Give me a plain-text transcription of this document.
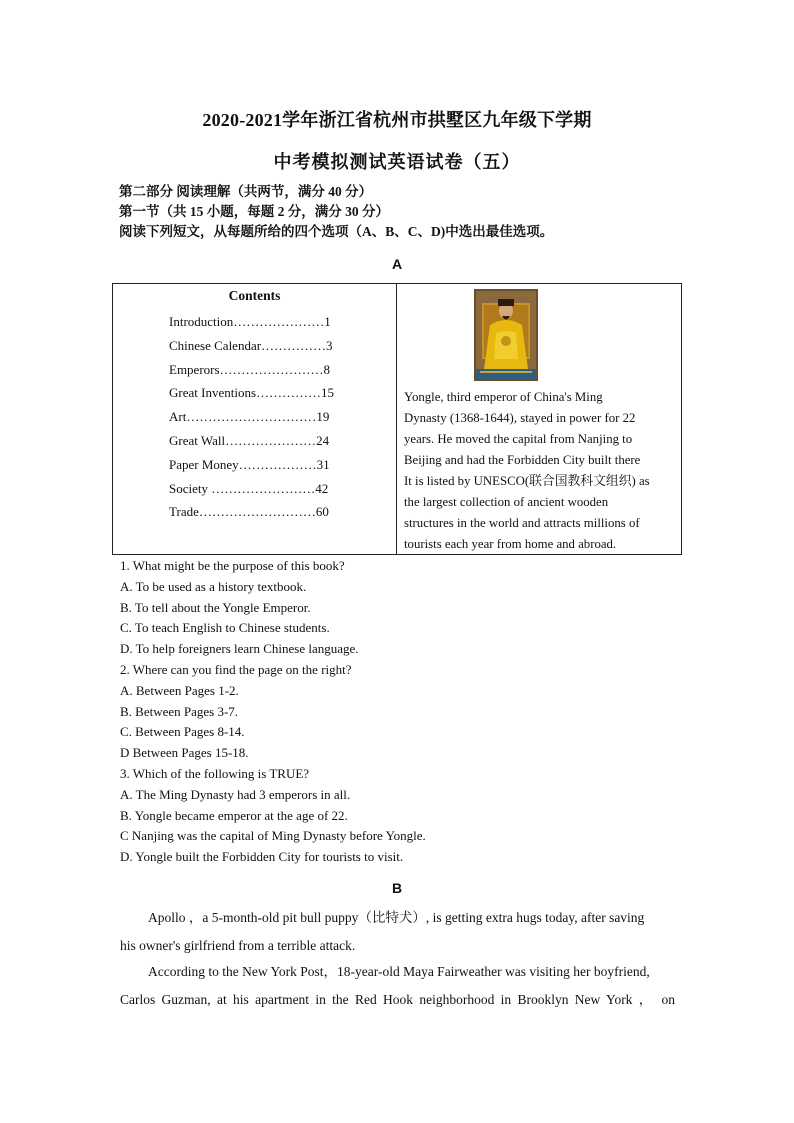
2020-2021学年浙江省杭州市拱墅区九年级下学期
中考模拟测试英语试卷（五）
第二部分 阅读理解（共两节，满分 40 分）
第一节（共 15 小题，每题 2 分，满分 30 分）
阅读下列短文，从每题所给的四个选项（A、B、C、D)中选出最佳选项。
A
Contents
Introduction…………………1
Chinese Calendar……………3
Emperors……………………8
Great Inventions……………15
Art…………………………19
Great Wall…………………24
Paper Money………………31
Society ……………………42
Trade………………………60
Yongle, third emperor of China's Ming
Dynasty (1368-1644), stayed in power for 22
years. He moved the capital from Nanjing to
Beijing and had the Forbidden City built there
It is listed by UNESCO(联合国教科文组织) as
the largest collection of ancient wooden
structures in the world and attracts millions of
tourists each year from home and abroad.
1. What might be the purpose of this book?
A. To be used as a history textbook.
B. To tell about the Yongle Emperor.
C. To teach English to Chinese students.
D. To help foreigners learn Chinese language.
2. Where can you find the page on the right?
A. Between Pages 1-2.
B. Between Pages 3-7.
C. Between Pages 8-14.
D Between Pages 15-18.
3. Which of the following is TRUE?
A. The Ming Dynasty had 3 emperors in all.
B. Yongle became emperor at the age of 22.
C Nanjing was the capital of Ming Dynasty before Yongle.
D. Yongle built the Forbidden City for tourists to visit.
B
Apollo ，a 5-month-old pit bull puppy（比特犬）, is getting extra hugs today, after saving
his owner's girlfriend from a terrible attack.
According to the New York Post，18-year-old Maya Fairweather was visiting her boyfriend,
Carlos Guzman, at his apartment in the Red Hook neighborhood in Brooklyn New York ， on
